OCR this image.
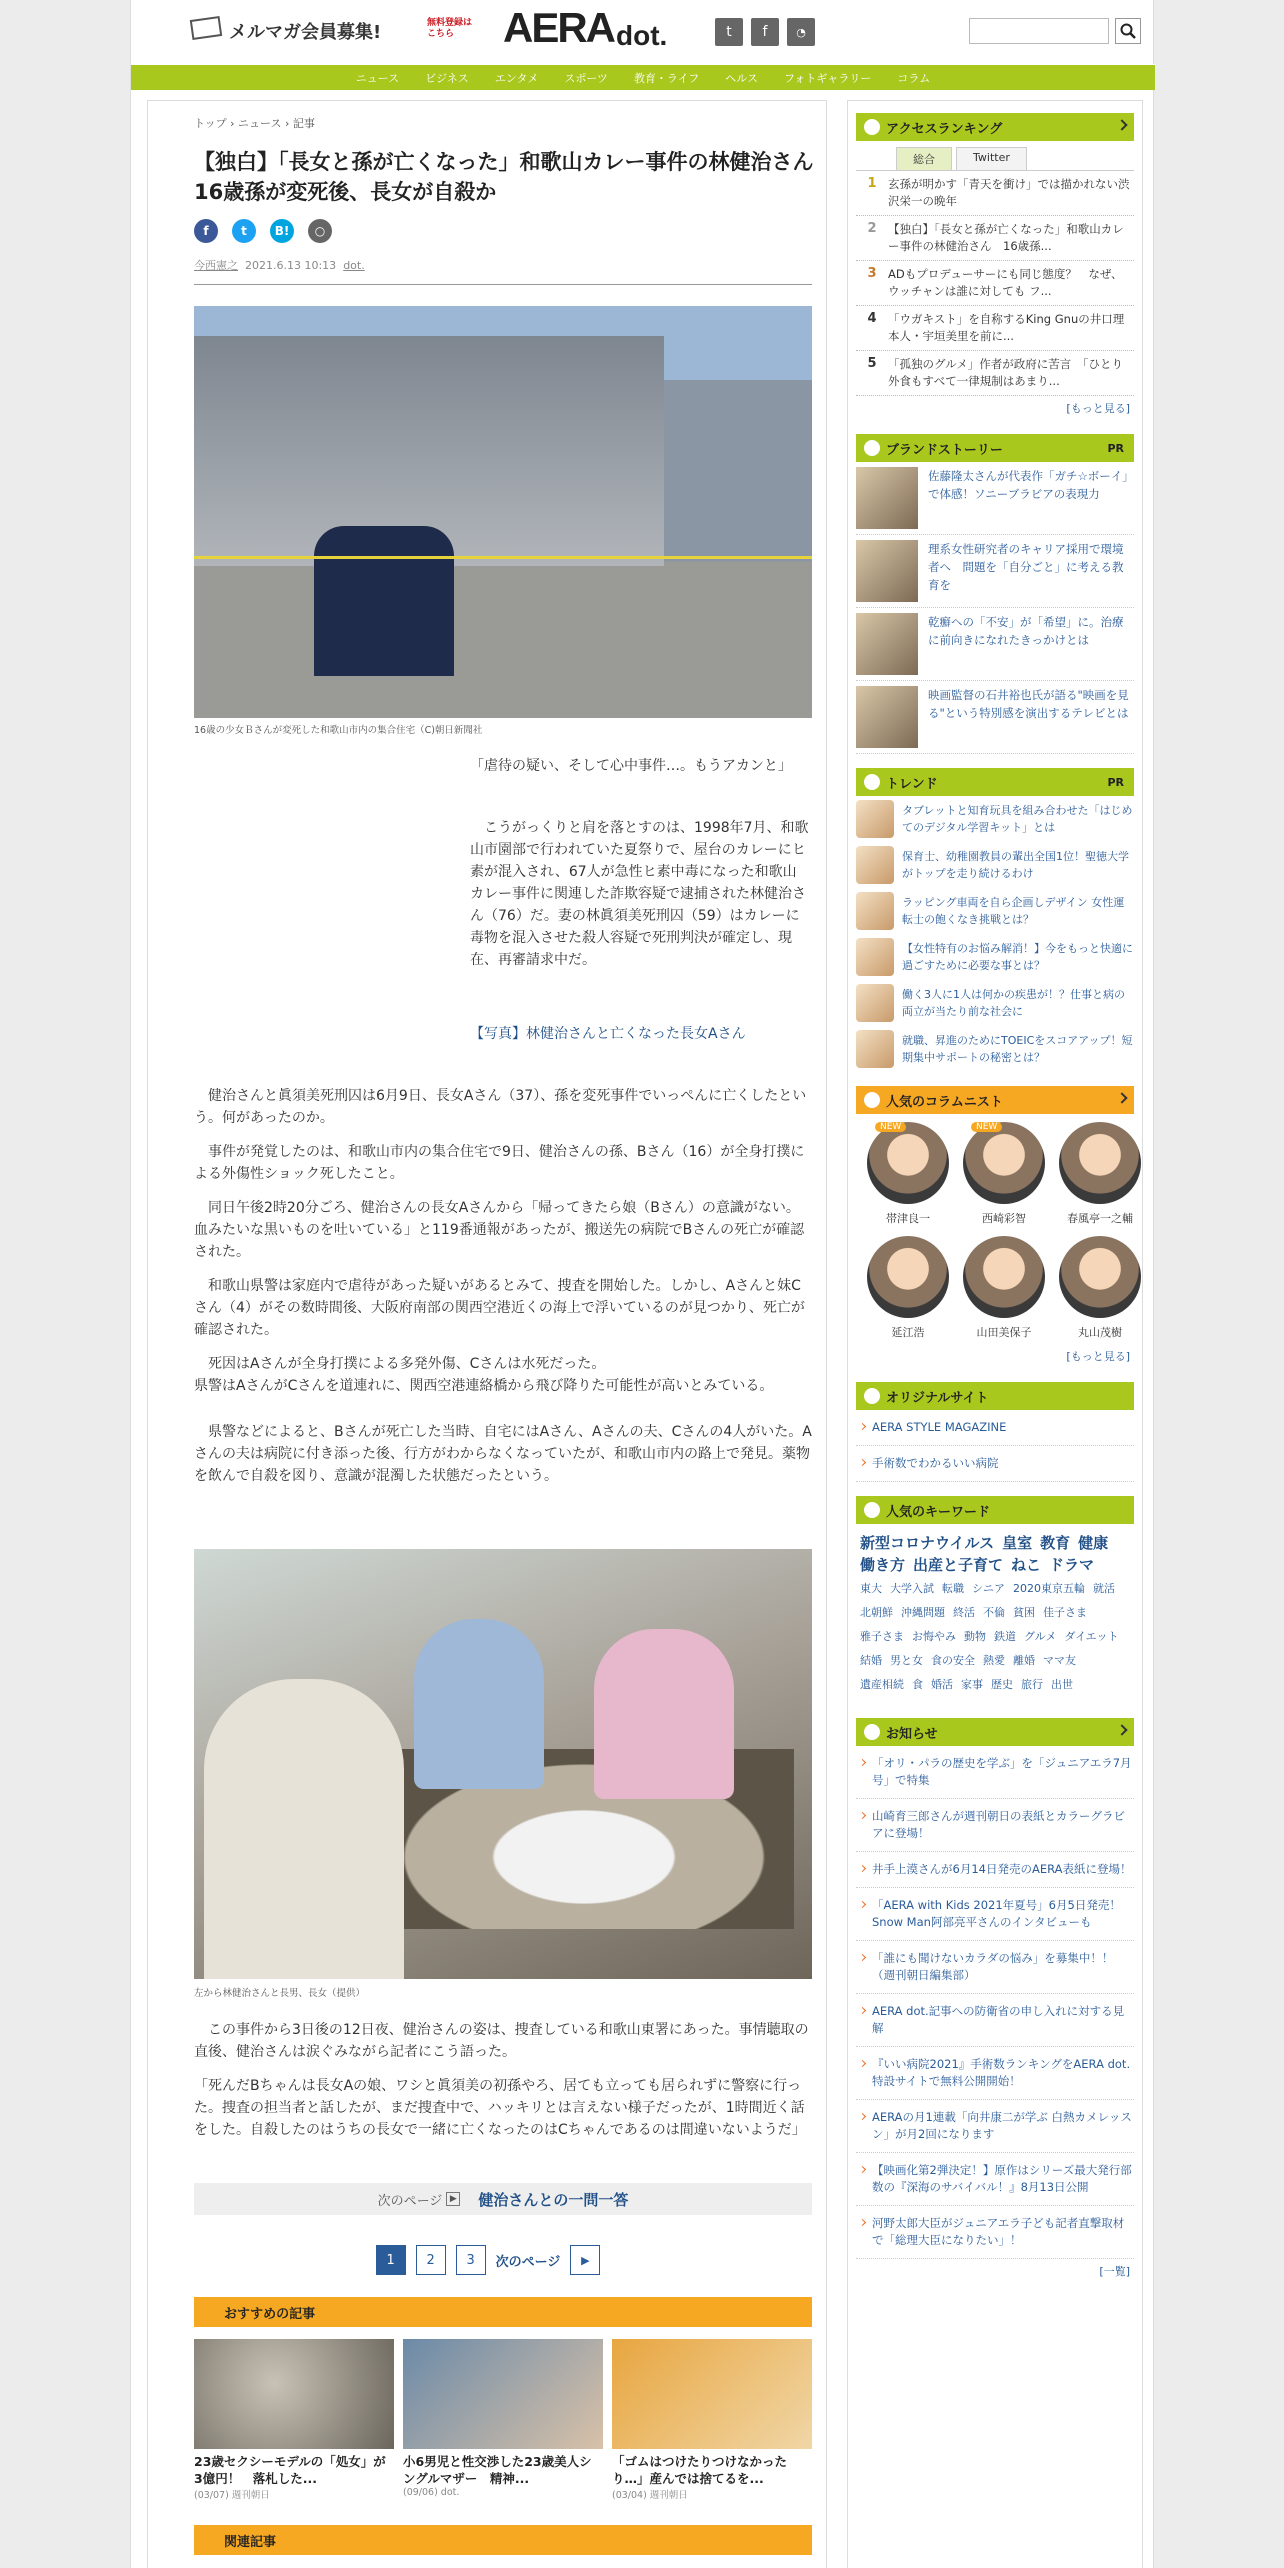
メルマガ会員募集!	無料登録は
こちら	AERA dot.	t	f	◔
ニュース	ビジネス	エンタメ	スポーツ	教育・ライフ	ヘルス	フォトギャラリー	コラム
トップ › ニュース › 記事
【独白】「長女と孫が亡くなった」和歌山カレー事件の林健治さん　16歳孫が変死後、長女が自殺か
f	t	B!	○
今西憲之 2021.6.13 10:13 dot.
16歳の少女Ｂさんが変死した和歌山市内の集合住宅（C)朝日新聞社
「虐待の疑い、そして心中事件…。もうアカンと」
　こうがっくりと肩を落とすのは、1998年7月、和歌山市園部で行われていた夏祭りで、屋台のカレーにヒ素が混入され、67人が急性ヒ素中毒になった和歌山カレー事件に関連した詐欺容疑で逮捕された林健治さん（76）だ。妻の林眞須美死刑囚（59）はカレーに毒物を混入させた殺人容疑で死刑判決が確定し、現在、再審請求中だ。
【写真】林健治さんと亡くなった長女Aさん
　健治さんと眞須美死刑囚は6月9日、長女Aさん（37）、孫を変死事件でいっぺんに亡くしたという。何があったのか。
　事件が発覚したのは、和歌山市内の集合住宅で9日、健治さんの孫、Bさん（16）が全身打撲による外傷性ショック死したこと。
　同日午後2時20分ごろ、健治さんの長女Aさんから「帰ってきたら娘（Bさん）の意識がない。血みたいな黒いものを吐いている」と119番通報があったが、搬送先の病院でBさんの死亡が確認された。
　和歌山県警は家庭内で虐待があった疑いがあるとみて、捜査を開始した。しかし、Aさんと妹Cさん（4）がその数時間後、大阪府南部の関西空港近くの海上で浮いているのが見つかり、死亡が確認された。
　死因はAさんが全身打撲による多発外傷、Cさんは水死だった。
県警はAさんがCさんを道連れに、関西空港連絡橋から飛び降りた可能性が高いとみている。
　県警などによると、Bさんが死亡した当時、自宅にはAさん、Aさんの夫、Cさんの4人がいた。Aさんの夫は病院に付き添った後、行方がわからなくなっていたが、和歌山市内の路上で発見。薬物を飲んで自殺を図り、意識が混濁した状態だったという。
左から林健治さんと長男、長女（提供）
　この事件から3日後の12日夜、健治さんの姿は、捜査している和歌山東署にあった。事情聴取の直後、健治さんは涙ぐみながら記者にこう語った。
「死んだBちゃんは長女Aの娘、ワシと眞須美の初孫やろ、居ても立っても居られずに警察に行った。捜査の担当者と話したが、まだ捜査中で、ハッキリとは言えない様子だったが、1時間近く話をした。自殺したのはうちの長女で一緒に亡くなったのはCちゃんであるのは間違いないようだ」
次のページ ▶ 健治さんとの一問一答
1	2	3	次のページ	▶
おすすめの記事
23歳セクシーモデルの「処女」が3億円！　落札した...
(03/07) 週刊朝日
小6男児と性交渉した23歳美人シングルマザー　精神...
(09/06) dot.
「ゴムはつけたりつけなかったり…」産んでは捨てるを...
(03/04) 週刊朝日
関連記事
アクセスランキング
総合	Twitter
1 玄孫が明かす「青天を衝け」では描かれない渋沢栄一の晩年
2 【独白】「長女と孫が亡くなった」和歌山カレー事件の林健治さん　16歳孫...
3 ADもプロデューサーにも同じ態度？　なぜ、ウッチャンは誰に対しても フ...
4 「ウガキスト」を自称するKing Gnuの井口理　本人・宇垣美里を前に...
5 「孤独のグルメ」作者が政府に苦言　「ひとり外食もすべて一律規制はあまり...
[もっと見る]
ブランドストーリー	PR
佐藤隆太さんが代表作「ガチ☆ボーイ」で体感！ソニーブラビアの表現力
理系女性研究者のキャリア採用で環境者へ　問題を「自分ごと」に考える教育を
乾癬への「不安」が「希望」に。治療に前向きになれたきっかけとは
映画監督の石井裕也氏が語る"映画を見る"という特別感を演出するテレビとは
トレンド	PR
タブレットと知育玩具を組み合わせた「はじめてのデジタル学習キット」とは
保育士、幼稚園教員の輩出全国1位！聖徳大学がトップを走り続けるわけ
ラッピング車両を自ら企画しデザイン 女性運転士の飽くなき挑戦とは？
【女性特有のお悩み解消！】今をもっと快適に過ごすために必要な事とは？
働く3人に1人は何かの疾患が！？仕事と病の両立が当たり前な社会に
就職、昇進のためにTOEICをスコアアップ！短期集中サポートの秘密とは？
人気のコラムニスト
NEW
帯津良一
NEW
西崎彩智	春風亭一之輔
延江浩	山田美保子	丸山茂樹
[もっと見る]
オリジナルサイト
AERA STYLE MAGAZINE
手術数でわかるいい病院
人気のキーワード
新型コロナウイルス 皇室 教育 健康働き方 出産と子育て ねこ ドラマ東大 大学入試 転職 シニア 2020東京五輪 就活北朝鮮 沖縄問題 終活 不倫 貧困 佳子さま雅子さま お悔やみ 動物 鉄道 グルメ ダイエット結婚 男と女 食の安全 熱愛 離婚 ママ友遺産相続 食 婚活 家事 歴史 旅行 出世
お知らせ
「オリ・パラの歴史を学ぶ」を「ジュニアエラ7月号」で特集
山崎育三郎さんが週刊朝日の表紙とカラーグラビアに登場！
井手上漠さんが6月14日発売のAERA表紙に登場！
「AERA with Kids 2021年夏号」6月5日発売！Snow Man阿部亮平さんのインタビューも
「誰にも聞けないカラダの悩み」を募集中！！（週刊朝日編集部）
AERA dot.記事への防衛省の申し入れに対する見解
『いい病院2021』手術数ランキングをAERA dot.特設サイトで無料公開開始！
AERAの月1連載「向井康二が学ぶ 白熱カメレッスン」が月2回になります
【映画化第2弾決定！】原作はシリーズ最大発行部数の『深海のサバイバル！』8月13日公開
河野太郎大臣がジュニアエラ子ども記者直撃取材で「総理大臣になりたい」！
[一覧]
